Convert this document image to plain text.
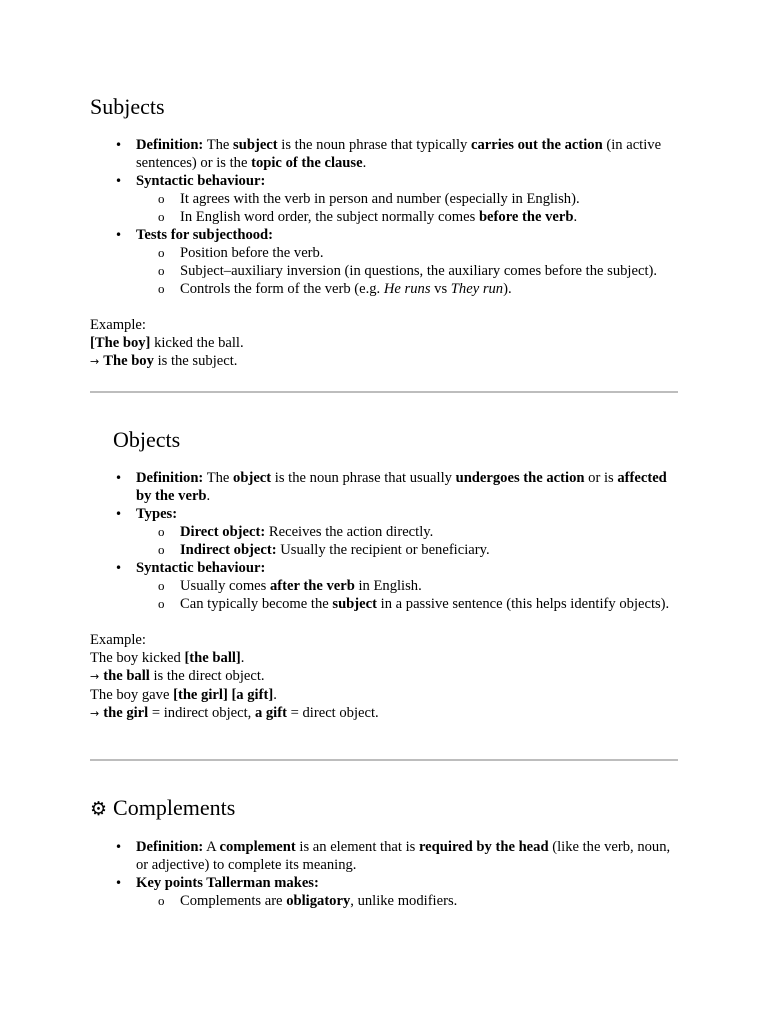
Subjects
• Definition: The subject is the noun phrase that typically carries out the action (in active sentences) or is the topic of the clause.
• Syntactic behaviour:
o It agrees with the verb in person and number (especially in English).
o In English word order, the subject normally comes before the verb.
• Tests for subjecthood:
o Position before the verb.
o Subject–auxiliary inversion (in questions, the auxiliary comes before the subject).
o Controls the form of the verb (e.g. He runs vs They run).
Example:
[The boy] kicked the ball.
→ The boy is the subject.
Objects
• Definition: The object is the noun phrase that usually undergoes the action or is affected by the verb.
• Types:
o Direct object: Receives the action directly.
o Indirect object: Usually the recipient or beneficiary.
• Syntactic behaviour:
o Usually comes after the verb in English.
o Can typically become the subject in a passive sentence (this helps identify objects).
Example:
The boy kicked [the ball].
→ the ball is the direct object.
The boy gave [the girl] [a gift].
→ the girl = indirect object, a gift = direct object.
⚙ Complements
• Definition: A complement is an element that is required by the head (like the verb, noun, or adjective) to complete its meaning.
• Key points Tallerman makes:
o Complements are obligatory, unlike modifiers.
